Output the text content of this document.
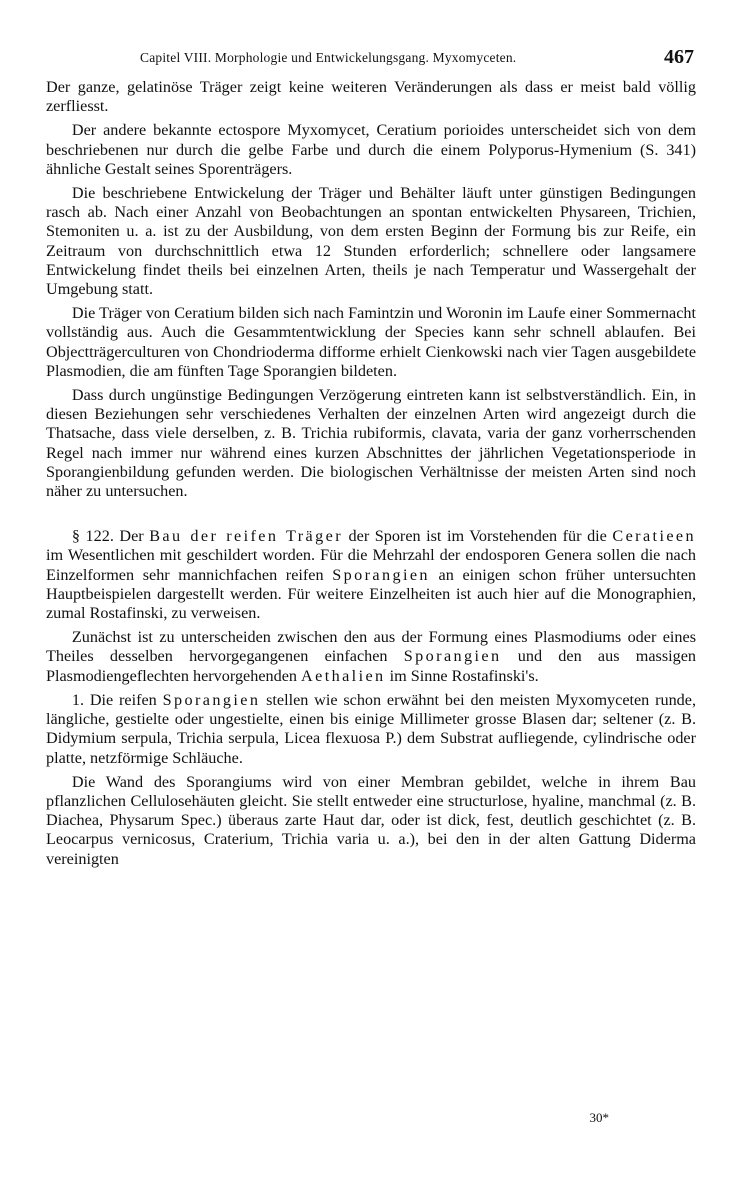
Capitel VIII. Morphologie und Entwickelungsgang. Myxomyceten.	467

Der ganze, gelatinöse Träger zeigt keine weiteren Veränderungen als dass er meist bald völlig zerfliesst.

Der andere bekannte ectospore Myxomycet, Ceratium porioides unterscheidet sich von dem beschriebenen nur durch die gelbe Farbe und durch die einem Polyporus-Hymenium (S. 341) ähnliche Gestalt seines Sporenträgers.

Die beschriebene Entwickelung der Träger und Behälter läuft unter günstigen Bedingungen rasch ab. Nach einer Anzahl von Beobachtungen an spontan entwickelten Physareen, Trichien, Stemoniten u. a. ist zu der Ausbildung, von dem ersten Beginn der Formung bis zur Reife, ein Zeitraum von durchschnittlich etwa 12 Stunden erforderlich; schnellere oder langsamere Entwickelung findet theils bei einzelnen Arten, theils je nach Temperatur und Wassergehalt der Umgebung statt.

Die Träger von Ceratium bilden sich nach Famintzin und Woronin im Laufe einer Sommernacht vollständig aus. Auch die Gesammtentwicklung der Species kann sehr schnell ablaufen. Bei Objectträgerculturen von Chondrioderma difforme erhielt Cienkowski nach vier Tagen ausgebildete Plasmodien, die am fünften Tage Sporangien bildeten.

Dass durch ungünstige Bedingungen Verzögerung eintreten kann ist selbstverständlich. Ein, in diesen Beziehungen sehr verschiedenes Verhalten der einzelnen Arten wird angezeigt durch die Thatsache, dass viele derselben, z. B. Trichia rubiformis, clavata, varia der ganz vorherrschenden Regel nach immer nur während eines kurzen Abschnittes der jährlichen Vegetationsperiode in Sporangienbildung gefunden werden. Die biologischen Verhältnisse der meisten Arten sind noch näher zu untersuchen.

§ 122. Der Bau der reifen Träger der Sporen ist im Vorstehenden für die Ceratieen im Wesentlichen mit geschildert worden. Für die Mehrzahl der endosporen Genera sollen die nach Einzelformen sehr mannichfachen reifen Sporangien an einigen schon früher untersuchten Hauptbeispielen dargestellt werden. Für weitere Einzelheiten ist auch hier auf die Monographien, zumal Rostafinski, zu verweisen.

Zunächst ist zu unterscheiden zwischen den aus der Formung eines Plasmodiums oder eines Theiles desselben hervorgegangenen einfachen Sporangien und den aus massigen Plasmodiengeflechten hervorgehenden Aethalien im Sinne Rostafinski's.

1. Die reifen Sporangien stellen wie schon erwähnt bei den meisten Myxomyceten runde, längliche, gestielte oder ungestielte, einen bis einige Millimeter grosse Blasen dar; seltener (z. B. Didymium serpula, Trichia serpula, Licea flexuosa P.) dem Substrat aufliegende, cylindrische oder platte, netzförmige Schläuche.

Die Wand des Sporangiums wird von einer Membran gebildet, welche in ihrem Bau pflanzlichen Cellulosehäuten gleicht. Sie stellt entweder eine structurlose, hyaline, manchmal (z. B. Diachea, Physarum Spec.) überaus zarte Haut dar, oder ist dick, fest, deutlich geschichtet (z. B. Leocarpus vernicosus, Craterium, Trichia varia u. a.), bei den in der alten Gattung Diderma vereinigten

30*
